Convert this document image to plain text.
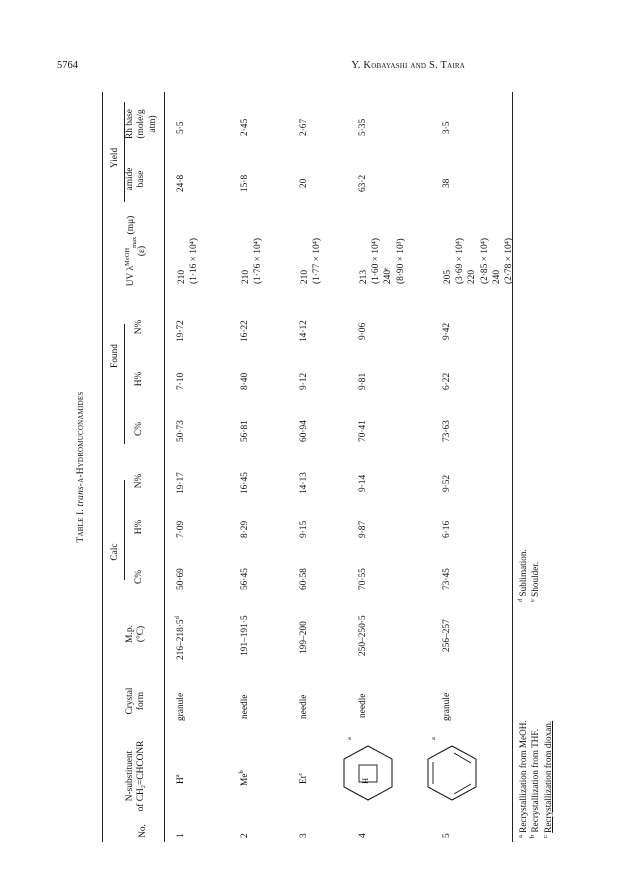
5764	Y. Kobayashi and S. Taira
Table I. trans-α-Hydromuconamides
Calc
Found
Yield
No.
N-substituent of CH₂=CHCONR
Crystal form
M.p. (°C)
C%
H%
N%
C%
H%
N%
UV $\lambda^{MeOH}_{max}$ (mμ)
(ε)
amide base
Rh base (mole/g atm)
1
$H^a$
granule
$216-218\cdot 5^d$
50·69
7·09
19·17
50·73
7·10
19·72
210 (1·16 × 10⁴)
24·8
5·5
2
Me$^b$
needle
191–191·5
56·45
8·29
16·45
56·81
8·40
16·22
210 (1·76 × 10⁴)
15·8
2·45
3
Et$^c$
needle
199–200
60·58
9·15
14·13
60·94
9·12
14·12
210 (1·77 × 10⁴)
20
2·67
4
H
$^a$
needle
250–250·5
70·55
9·87
9·14
70·41
9·81
9·06
213 (1·60 × 10⁴) 240ᵉ (8·90 × 10³)
63·2
5·35
5
$^a$
granule
256–257
73·45
6·16
9·52
73·63
6·22
9·42
205 (3·69 × 10⁴) 220 (2·85 × 10⁴) 240 (2·78 × 10⁴)
38
3·5
$^a$ Recrystallization from MeOH.
$^b$ Recrystallization from THF.
$^c$ Recrystallization from dioxan.
$^d$ Sublimation.
$^e$ Shoulder.
